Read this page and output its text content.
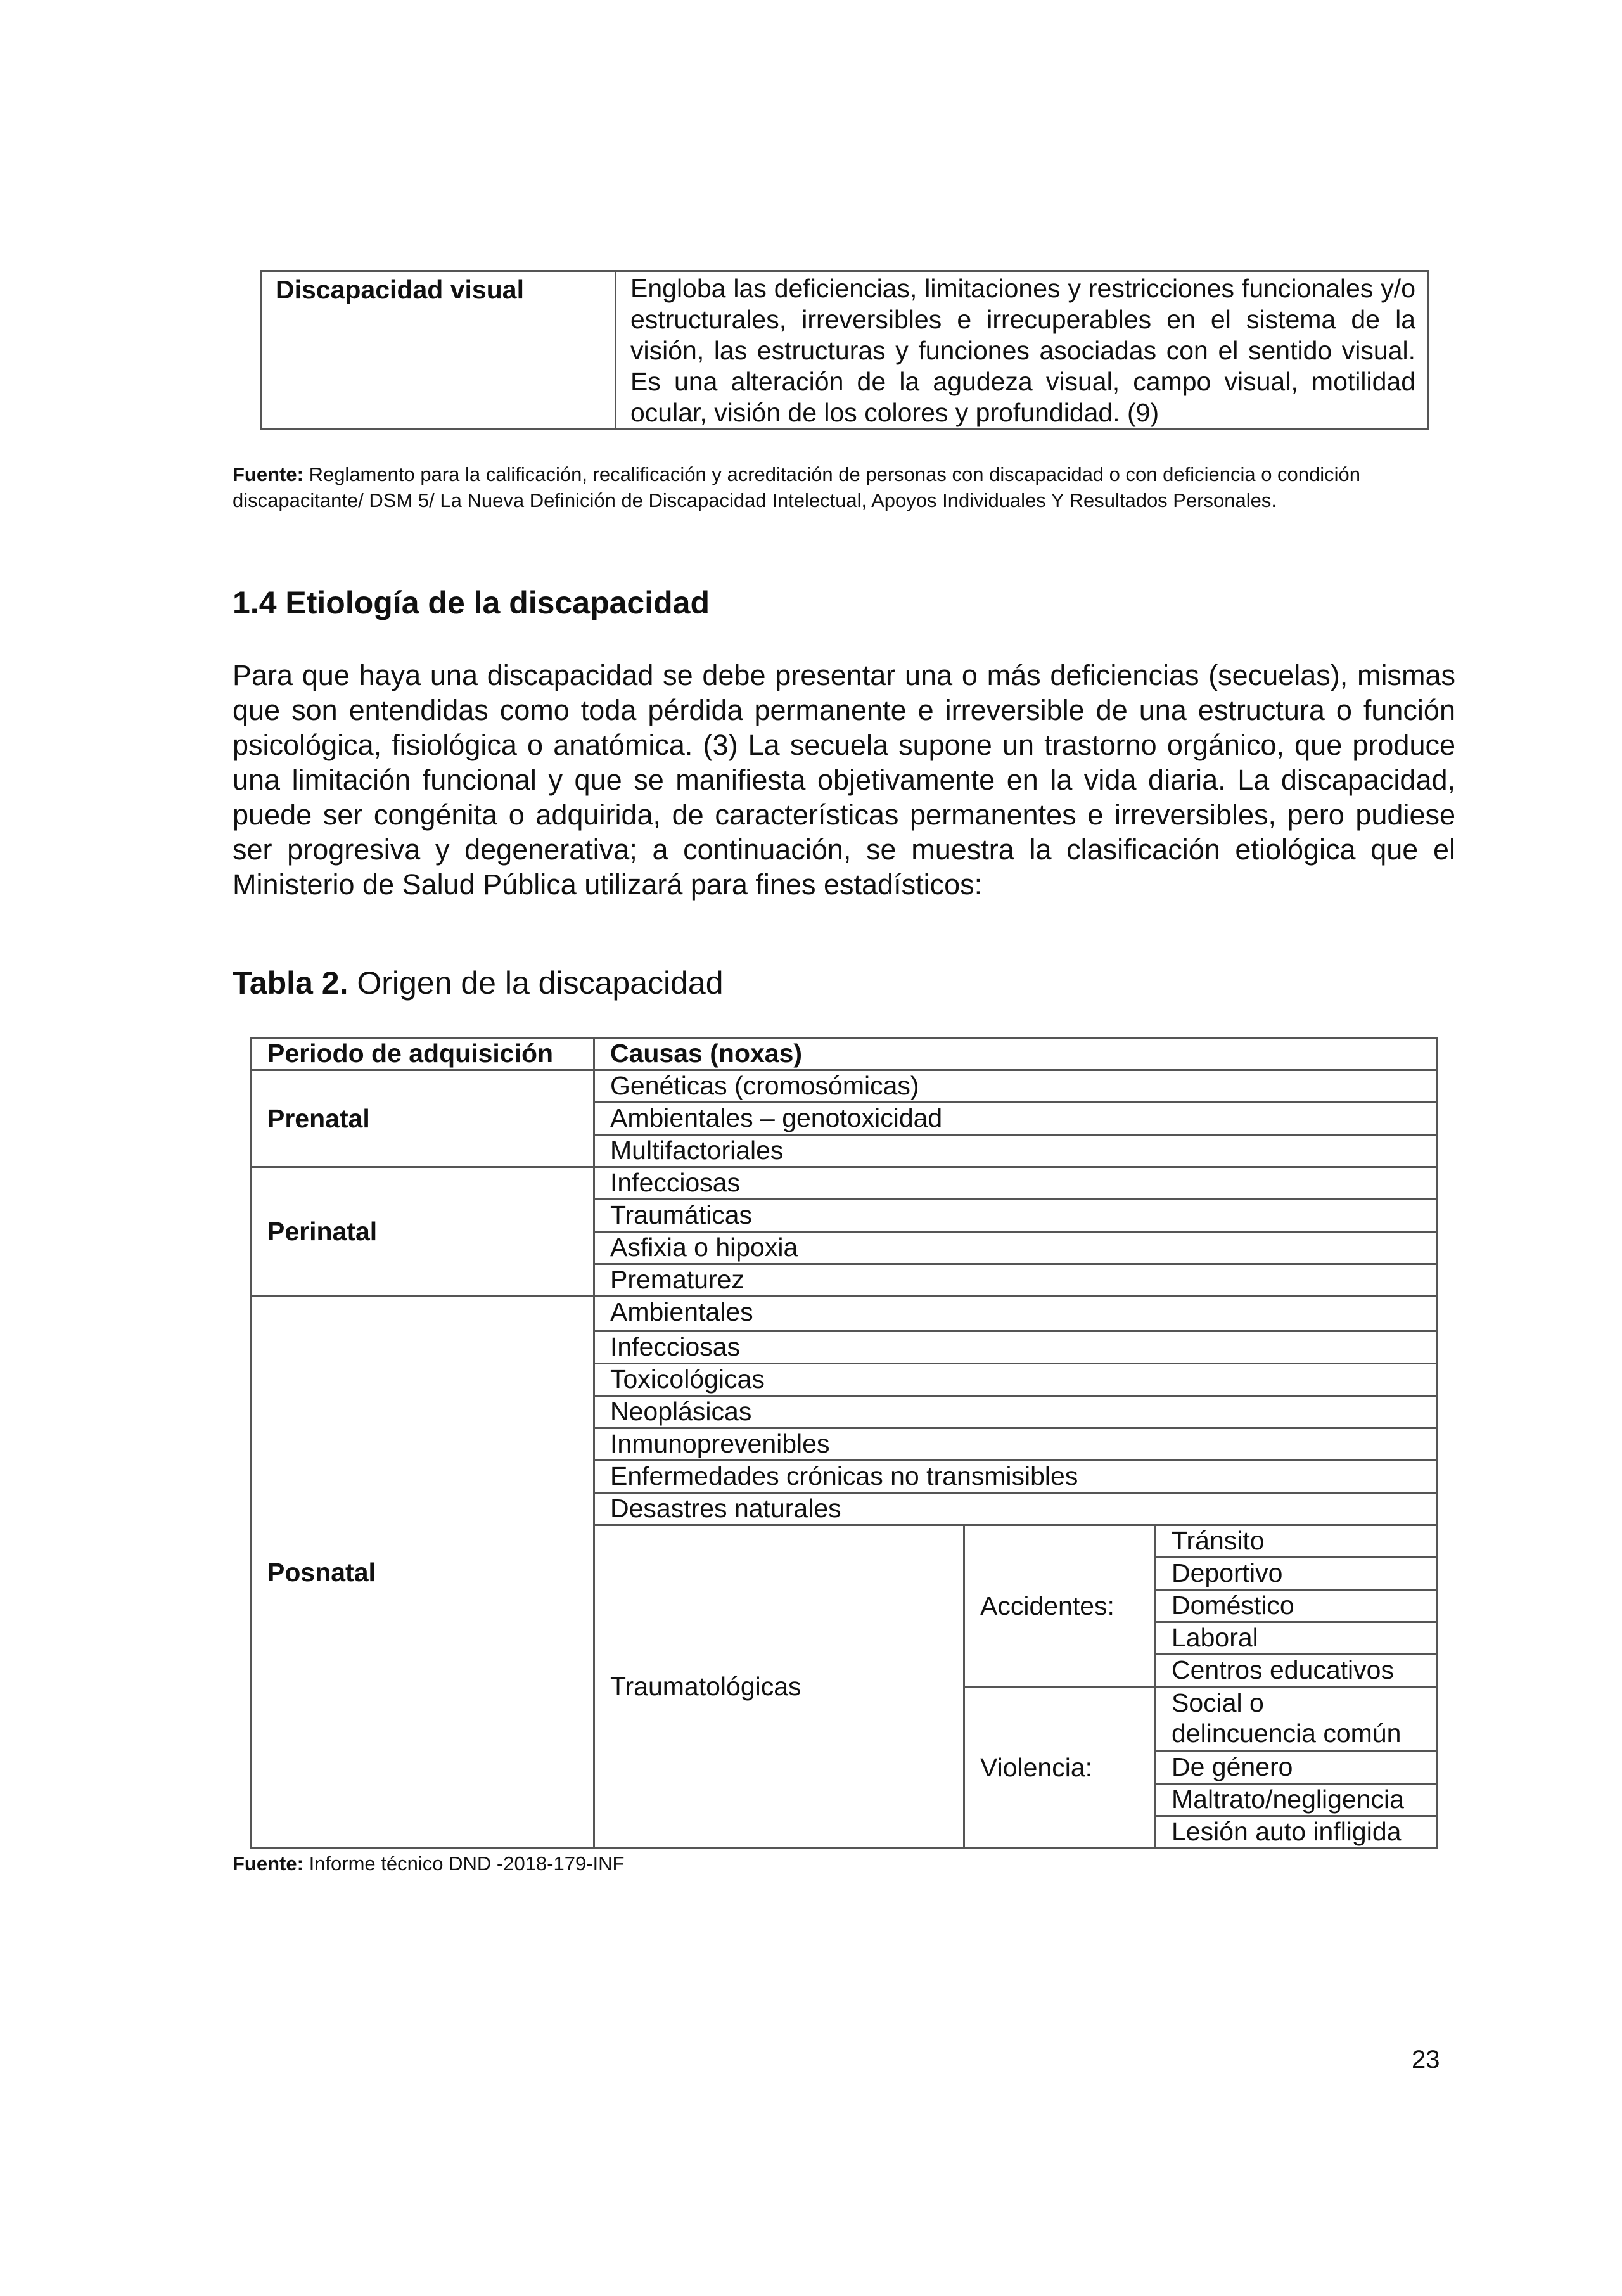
Discapacidad visual	Engloba las deficiencias, limitaciones y restricciones funcionales y/o estructurales, irreversibles e irrecuperables en el sistema de la visión, las estructuras y funciones asociadas con el sentido visual. Es una alteración de la agudeza visual, campo visual, motilidad ocular, visión de los colores y profundidad. (9)
Fuente: Reglamento para la calificación, recalificación y acreditación de personas con discapacidad o con deficiencia o condición discapacitante/ DSM 5/ La Nueva Definición de Discapacidad Intelectual, Apoyos Individuales Y Resultados Personales.
1.4 Etiología de la discapacidad

Para que haya una discapacidad se debe presentar una o más deficiencias (secuelas), mismas que son entendidas como toda pérdida permanente e irreversible de una estructura o función psicológica, fisiológica o anatómica. (3) La secuela supone un trastorno orgánico, que produce una limitación funcional y que se manifiesta objetivamente en la vida diaria. La discapacidad, puede ser congénita o adquirida, de características permanentes e irreversibles, pero pudiese ser progresiva y degenerativa; a continuación, se muestra la clasificación etiológica que el Ministerio de Salud Pública utilizará para fines estadísticos:

Tabla 2. Origen de la discapacidad
Periodo de adquisición	Causas (noxas)		
Prenatal	Genéticas (cromosómicas)		
	Ambientales – genotoxicidad		
	Multifactoriales		
Perinatal	Infecciosas		
	Traumáticas		
	Asfixia o hipoxia		
	Prematurez		
Posnatal	Ambientales		
	Infecciosas		
	Toxicológicas		
	Neoplásicas		
	Inmunoprevenibles		
	Enfermedades crónicas no transmisibles		
	Desastres naturales		
	Traumatológicas	Accidentes:	Tránsito
			Deportivo
			Doméstico
			Laboral
			Centros educativos
		Violencia:	Social o
delincuencia común

			De género
			Maltrato/negligencia
			Lesión auto infligida
Fuente: Informe técnico DND -2018-179-INF
23
